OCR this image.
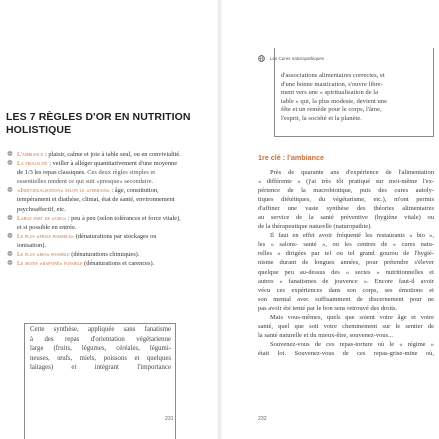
LES 7 RÈGLES D'OR EN NUTRITION HOLISTIQUE
❁ L'ambiance : plaisir, calme et joie à table seul, ou en convivialité.
❁ La frugalité : veiller à alléger quantitativement d'une moyenne de 1/3 les repas classiques. Ces deux règles simples et essentielles rendent ce qui suit «presque» secondaire.
❁ «Individualisation» selon le «terrain» : âge, constitution, tempérament et diathèse, climat, état de santé, environnement psychoaffectif, etc.
❁ Large part de «cru» : peu à peu (selon tolérances et force vitale), et si possible en entrée.
❁ Le plus «frais possible» (dénaturations par stockages ou ionisation).
❁ Le plus «bio» possible (dénaturations chimiques).
❁ Le moins «raffiné» possible (dénaturations et carences).
Cette synthèse, appliquée sans fanatisme
à des repas d'orientation végétarienne
large (fruits, légumes, céréales, légumi-
neuses, œufs, miels, poissons et quelques
laitages) et intégrant l'importance
231
Les Cures naturopathiques
d'associations alimentaires correctes, et
d'une bonne mastication, s'ouvre libre-
ment vers une « spiritualisation de la
table » qui, la plus modeste, devient une
fête et un remède pour le corps, l'âme,
l'esprit, la société et la planète.
1re clé : l'ambiance
Près de quarante ans d'expérience de l'alimentation
« différente » (j'ai très tôt pratiqué sur moi-même l'ex-
périence de la macrobiotique, puis des cures autoly-
tiques diététiques, du végétarisme, etc.), m'ont permis
d'affiner une vaste synthèse des théories alimentaires
au service de la santé préventive (hygiène vitale) ou
de la thérapeutique naturelle (naturopathie).
Il faut en effet avoir fréquenté les restaurants « bio »,
les « salons- santé », ou les centres de « cures natu-
relles » dirigées par tel ou tel grand gourou de l'hygié-
nisme durant de longues années, pour prétendre s'élever
quelque peu au-dessus des « sectes » nutritionnelles et
autres « fanatismes de jouvence ». Encore faut-il avoir
vécu ces expériences dans son corps, ses émotions et
son mental avec suffisamment de discernement pour ne
pas avoir été tenté par le bon sens retrouvé des droits.
Mais vous-mêmes, quels que soient votre âge et votre
santé, quel que soit votre cheminement sur le sentier de
la santé naturelle et du mieux-être, souvenez-vous...
Souvenez-vous de ces repas-torture où le « régime »
était loi. Souvenez-vous de ces repas-grise-mine où,
232
